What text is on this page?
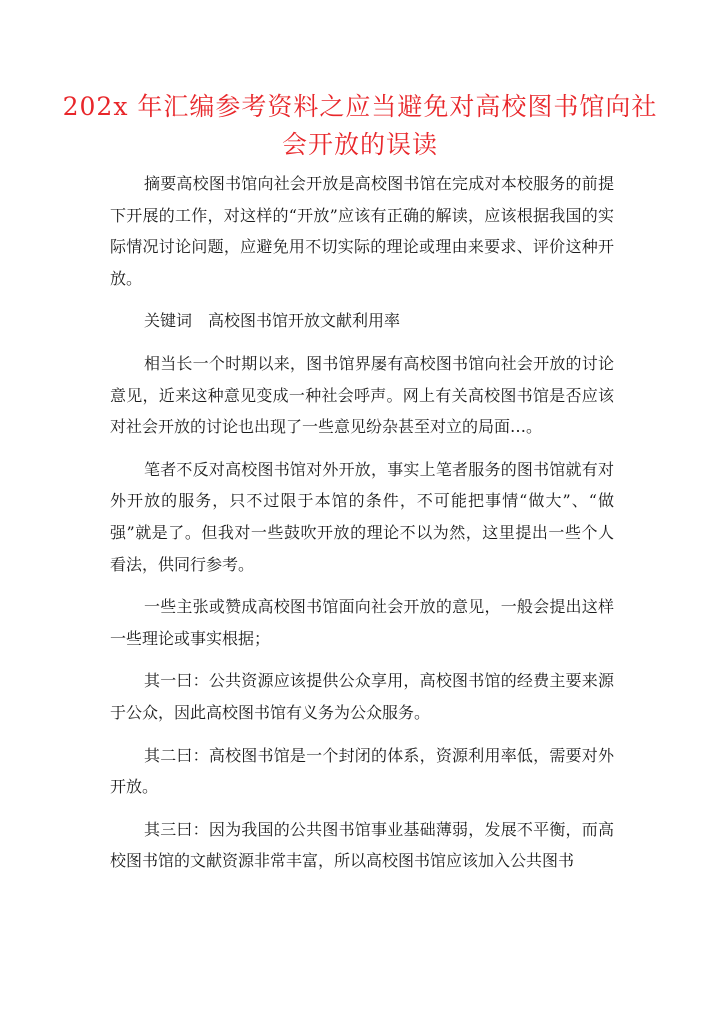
202x 年汇编参考资料之应当避免对高校图书馆向社会开放的误读

摘要高校图书馆向社会开放是高校图书馆在完成对本校服务的前提下开展的工作，对这样的“开放”应该有正确的解读，应该根据我国的实际情况讨论问题，应避免用不切实际的理论或理由来要求、评价这种开放。

关键词　高校图书馆开放文献利用率

相当长一个时期以来，图书馆界屡有高校图书馆向社会开放的讨论意见，近来这种意见变成一种社会呼声。网上有关高校图书馆是否应该对社会开放的讨论也出现了一些意见纷杂甚至对立的局面…。

笔者不反对高校图书馆对外开放，事实上笔者服务的图书馆就有对外开放的服务，只不过限于本馆的条件，不可能把事情“做大”、“做强”就是了。但我对一些鼓吹开放的理论不以为然，这里提出一些个人看法，供同行参考。

一些主张或赞成高校图书馆面向社会开放的意见，一般会提出这样一些理论或事实根据；

其一曰：公共资源应该提供公众享用，高校图书馆的经费主要来源于公众，因此高校图书馆有义务为公众服务。

其二曰：高校图书馆是一个封闭的体系，资源利用率低，需要对外开放。

其三曰：因为我国的公共图书馆事业基础薄弱，发展不平衡，而高校图书馆的文献资源非常丰富，所以高校图书馆应该加入公共图书
